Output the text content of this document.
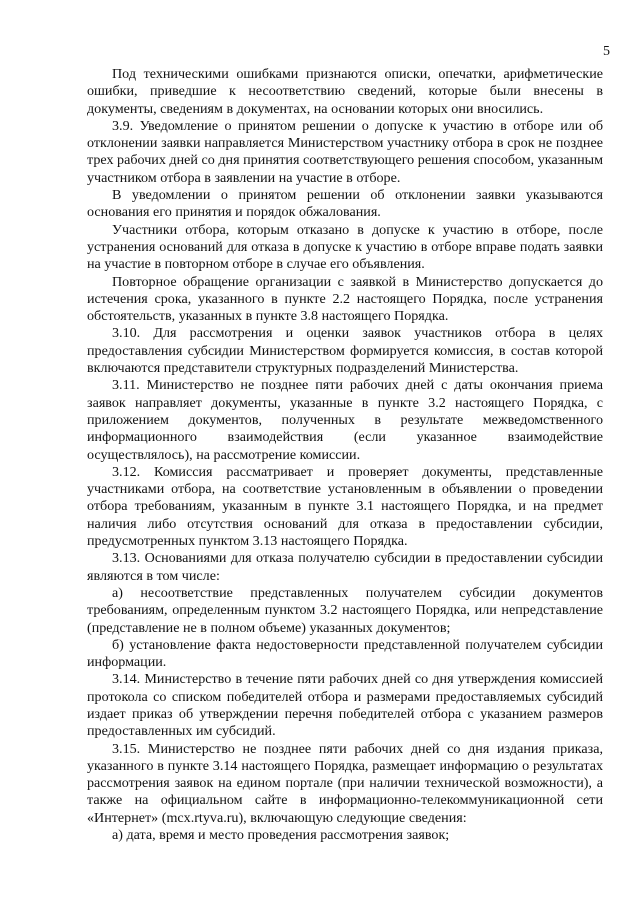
5

Под техническими ошибками признаются описки, опечатки, арифметические ошибки, приведшие к несоответствию сведений, которые были внесены в документы, сведениям в документах, на основании которых они вносились.

3.9. Уведомление о принятом решении о допуске к участию в отборе или об отклонении заявки направляется Министерством участнику отбора в срок не позднее трех рабочих дней со дня принятия соответствующего решения способом, указанным участником отбора в заявлении на участие в отборе.

В уведомлении о принятом решении об отклонении заявки указываются основания его принятия и порядок обжалования.

Участники отбора, которым отказано в допуске к участию в отборе, после устранения оснований для отказа в допуске к участию в отборе вправе подать заявки на участие в повторном отборе в случае его объявления.

Повторное обращение организации с заявкой в Министерство допускается до истечения срока, указанного в пункте 2.2 настоящего Порядка, после устранения обстоятельств, указанных в пункте 3.8 настоящего Порядка.

3.10. Для рассмотрения и оценки заявок участников отбора в целях предоставления субсидии Министерством формируется комиссия, в состав которой включаются представители структурных подразделений Министерства.

3.11. Министерство не позднее пяти рабочих дней с даты окончания приема заявок направляет документы, указанные в пункте 3.2 настоящего Порядка, с приложением документов, полученных в результате межведомственного информационного взаимодействия (если указанное взаимодействие осуществлялось), на рассмотрение комиссии.

3.12. Комиссия рассматривает и проверяет документы, представленные участниками отбора, на соответствие установленным в объявлении о проведении отбора требованиям, указанным в пункте 3.1 настоящего Порядка, и на предмет наличия либо отсутствия оснований для отказа в предоставлении субсидии, предусмотренных пунктом 3.13 настоящего Порядка.

3.13. Основаниями для отказа получателю субсидии в предоставлении субсидии являются в том числе:

а) несоответствие представленных получателем субсидии документов требованиям, определенным пунктом 3.2 настоящего Порядка, или непредставление (представление не в полном объеме) указанных документов;

б) установление факта недостоверности представленной получателем субсидии информации.

3.14. Министерство в течение пяти рабочих дней со дня утверждения комиссией протокола со списком победителей отбора и размерами предоставляемых субсидий издает приказ об утверждении перечня победителей отбора с указанием размеров предоставленных им субсидий.

3.15. Министерство не позднее пяти рабочих дней со дня издания приказа, указанного в пункте 3.14 настоящего Порядка, размещает информацию о результатах рассмотрения заявок на едином портале (при наличии технической возможности), а также на официальном сайте в информационно-телекоммуникационной сети «Интернет» (mcx.rtyva.ru), включающую следующие сведения:

а) дата, время и место проведения рассмотрения заявок;
